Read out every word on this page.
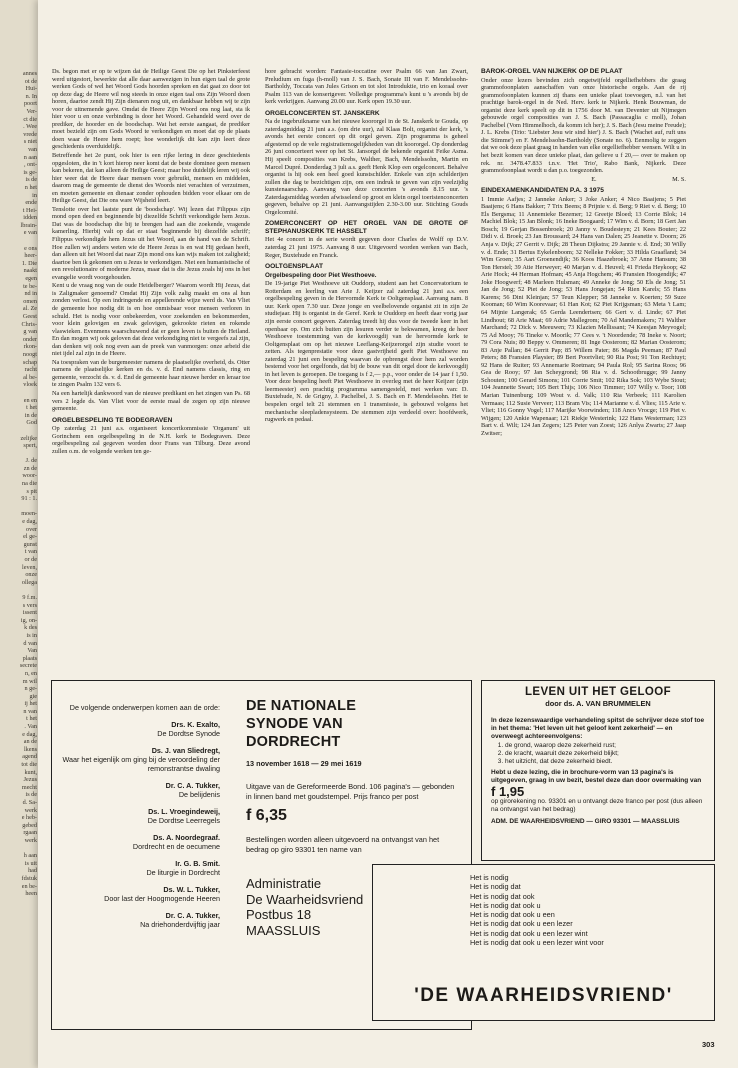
annes
ot de
Hui-
n. In
poort
Ver-
ct die
. Wee
vrede
s niet
van
n aan
, ont-
is ge-
is de
n het
in
ende
t Hei-
idden
lbrain-
e van

e ons
heer-
1. Die
naakt
egen
te be-
nd in
omen
al. Ze
Geest
Chris-
g van
onder
rkon-
noogt
schap
racht
al be-
vloek

en en
t het
in de
God

zelijke
spert,

J. de
zn de
woor-
na die
s pit
91 : 1.

moen-
e dag,
over
el ge-
gunst
t van
or de
leven,
onze
ollega

9 f.m.
s vers
issent
ig, on-
k des
is in
d van
Van
plaats
secrete
n, en
m wil
n ge-
gie
ij het
n van
t het
. Van
e dag,
an de
lkens
agend
tot die
kunt,
Jezus
mecht
is de
d. Sa-
werk
e heb-
gebed
rgaan
werk

h aan
is uit
had
fdstuk
en be-
heen

Ds. begon met er op te wijzen dat de Heilige Geest Die op het Pinksterfeest werd uitgestort, bewerkte dat alle daar aanwezigen in hun eigen taal de grote werken Gods of wel het Woord Gods hoorden spreken en dat gaat zo door tot op deze dag; de Heere wil nog steeds in onze eigen taal ons Zijn Woord doen horen, daartoe zendt Hij Zijn dienaren nog uit, en dankbaar hebben wij te zijn voor de uitnemende gave. Omdat de Heere Zijn Woord ons nog laat, sta ik hier voor u en onze verbinding is door het Woord. Gehandeld werd over de prediker, de hoorder en de boodschap. Wat het eerste aangaat, de prediker moet bezield zijn om Gods Woord te verkondigen en moet dat op de plaats doen waar de Heere hem roept; hoe wonderlijk dit kan zijn leert deze geschiedenis overduidelijk.

Betreffende het 2e punt, ook hier is een rijke lering in deze geschiedenis opgesloten, die in 't kort hierop neer komt dat de beste dominee geen mensen kan bekeren, dat kan alleen de Heilige Geest; maar hoe duidelijk leren wij ook hier weer dat de Heere daar mensen voor gebruikt, mensen en middelen, daarom mag de gemeente de dienst des Woords niet verachten of verzuimen, en moeten gemeente en dienaar zonder ophouden bidden voor elkaar om de Heilige Geest, dat Die ons ware Wijsheid leert.

Tenslotte over het laatste punt de 'boodschap'. Wij lezen dat Filippus zijn mond open deed en beginnende bij diezelfde Schrift verkondigde hem Jezus. Dat was de boodschap die bij te brengen had aan die zoekende, vragende kamerling. Hierbij valt op dat er staat 'beginnende bij diezelfde schrift'; Filippus verkondigde hem Jezus uit het Woord, aan de hand van de Schrift. Hoe zullen wij anders weten wie de Heere Jezus is en wat Hij gedaan heeft, dan alleen uit het Woord dat naar Zijn mond ons kan wijs maken tot zaligheid; daartoe ben ik gekomen om u Jezus te verkondigen. Niet een humanistische of een revolutionaire of moderne Jezus, maar dat is die Jezus zoals hij ons in het evangelie wordt voorgehouden.

Kent u de vraag nog van de oude Heidelberger? Waarom wordt Hij Jezus, dat is Zaligmaker genoemd? Omdat Hij Zijn volk zalig maakt en ons al hun zonden verlost. Op een indringende en appellerende wijze werd ds. Van Vliet de gemeente hoe nodig dit is en hoe onmisbaar voor mensen verloren in schuld. Het is nodig voor onbekeerden, voor zoekenden en bekommerden, voor klein gelovigen en zwak gelovigen, gekrookte rieten en rokende vlaswieken. Evenmens waarschuwend dat er geen leven is buiten de Heiland. En dan mogen wij ook geloven dat deze verkondiging niet te vergeefs zal zijn, dan denken wij ook nog even aan de preek van vanmorgen: onze arbeid die niet ijdel zal zijn in de Heere.

Na toespraken van de burgemeester namens de plaatselijke overheid, ds. Otter namens de plaatselijke kerken en ds. v. d. End namens classis, ring en gemeente, verzocht ds. v. d. End de gemeente haar nieuwe herder en leraar toe te zingen Psalm 132 vers 6.

Na een hartelijk dankwoord van de nieuwe predikant en het zingen van Ps. 68 vers 2 legde ds. Van Vliet voor de eerste maal de zegen op zijn nieuwe gemeente.

ORGELBESPELING TE BODEGRAVEN

Op zaterdag 21 juni a.s. organiseert koncertkommissie 'Organum' uit Gorinchem een orgelbespeling in de N.H. kerk te Bodegraven. Deze orgelbespeling zal gegeven worden door Frans van Tilburg. Deze avond zullen o.m. de volgende werken ten ge-

hore gebracht worden: Fantasie-toccatine over Psalm 66 van Jan Zwart, Preludium en fuga (h-moll) van J. S. Bach, Sonate III van F. Mendelssohn-Bartholdy, Toccata van Jules Grison en tot slot Introduktie, trio en koraal over Psalm 113 van de konsertgever. Volledige programma's kunt u 's avonds bij de kerk verkrijgen. Aanvang 20.00 uur. Kerk open 19.30 uur.

ORGELCONCERTEN ST. JANSKERK

Na de ingebruikname van het nieuwe koororgel in de St. Janskerk te Gouda, op zaterdagmiddag 21 juni a.s. (om drie uur), zal Klaas Bolt, organist der kerk, 's avonds het eerste concert op dit orgel geven. Zijn programma is geheel afgestemd op de vele registratiemogelijkheden van dit koororgel. Op donderdag 26 juni concerteert weer op het St. Jansorgel de bekende organist Feike Asma. Hij speelt composities van Krebs, Walther, Bach, Mendelssohn, Martin en Marcel Dupré. Donderdag 3 juli a.s. geeft Henk Klop een orgelconcert. Behalve organist is hij ook een heel goed kunstschilder. Enkele van zijn schilderijen zullen die dag te bezichtigen zijn, om een indruk te geven van zijn veelzijdig kunstenaarschap. Aanvang van deze concerten 's avonds 8.15 uur. 's Zaterdagsmiddag worden afwisselend op groot en klein orgel toeristenconcerten gegeven, behalve op 21 juni. Aanvangstijden 2.30-3.00 uur. Stichting Gouds Orgelcomité.

ZOMERCONCERT OP HET ORGEL VAN DE GROTE OF STEPHANUSKERK TE HASSELT

Het 4e concert in de serie wordt gegeven door Charles de Wolff op D.V. zaterdag 21 juni 1975. Aanvang 8 uur. Uitgevoerd worden werken van Bach, Reger, Buxtehude en Franck.

OOLTGENSPLAAT

Orgelbespeling door Piet Westhoeve.

De 19-jarige Piet Westhoeve uit Ouddorp, student aan het Concervatorium te Rotterdam en leerling van Arie J. Keijzer zal zaterdag 21 juni a.s. een orgelbespeling geven in de Hervormde Kerk te Ooltgensplaat. Aanvang nam. 8 uur. Kerk open 7.30 uur. Deze jonge en veelbelovende organist zit in zijn 2e studiejaar. Hij is organist in de Geref. Kerk te Ouddorp en heeft daar vorig jaar zijn eerste concert gegeven. Zaterdag treedt hij dus voor de tweede keer in het openbaar op. Om zich buiten zijn lesuren verder te bekwamen, kreeg de heer Westhoeve toestemming van de kerkvoogdij van de hervormde kerk te Ooltgensplaat om op het nieuwe Leeflang-Keijzerorgel zijn studie voort te zetten. Als tegenprestatie voor deze gastvrijheid geeft Piet Westhoeve nu zaterdag 21 juni een bespeling waarvan de opbrengst door hem zal worden bestemd voor het orgelfonds, dat bij de bouw van dit orgel door de kerkvoogdij in het leven is geroepen. De toegang is f 2,— p.p., voor onder de 14 jaar f 1,50. Voor deze bespeling heeft Piet Westhoeve in overleg met de heer Keijzer (zijn leermeester) een prachtig programma samengesteld, met werken van: D. Buxtehude, N. de Grigny, J. Pachelbel, J. S. Bach en F. Mendelssohn. Het te bespelen orgel telt 21 stemmen en 1 transmissie, is gebouwd volgens het mechanische sleepladensysteem. De stemmen zijn verdeeld over: hoofdwerk, rugwerk en pedaal.

BAROK-ORGEL VAN NIJKERK OP DE PLAAT

Onder onze lezers bevinden zich ongetwijfeld orgelliefhebbers die graag grammofoonplaten aanschaffen van onze historische orgels. Aan de rij grammofoonplaten kunnen zij thans een unieke plaat toevoegen, n.l. van het prachtige barok-orgel in de Ned. Herv. kerk te Nijkerk. Henk Bouwman, de organist deze kerk speelt op dit in 1756 door M. van Deventer uit Nijmegen gebouwde orgel composities van J. S. Bach (Passacaglia c moll), Johan Pachelbel (Vom Himmelhoch, da komm ich her); J. S. Bach (Jesu meine Freude); J. L. Krebs (Trio: 'Liebster Jesu wir sind hier') J. S. Bach ('Wachet auf, ruft uns die Stimme') en F. Mendelssohn-Bartholdy (Sonate no. 6). Eenmolig te zeggen dat we ook deze plaat graag in handen van elke orgelliefhebber wensen. Wilt u in het bezit komen van deze unieke plaat, dan gelieve u f 20,— over te maken op rek. nr. 3478.47.833 t.n.v. 'Het Trio', Rabo Bank, Nijkerk. Deze grammofoonplaat wordt u dan p.o. toegezonden.

E.                                                M. S.

EINDEXAMENKANDIDATEN P.A. 3 1975

1 Immie Aafjes; 2 Janneke Anker; 3 Joke Anker; 4 Nico Baaijens; 5 Piet Baaijens; 6 Hans Bakker; 7 Trix Beens; 8 Prijnie v. d. Berg; 9 Riet v. d. Berg; 10 Els Bergsma; 11 Annemieke Bezemer; 12 Greetje Bloed; 13 Corrie Blok; 14 Machiel Blok; 15 Jan Blonk; 16 Ineke Boogaard; 17 Wim v. d. Born; 18 Gert Jan Bosch; 19 Gerjan Bossenbroek; 20 Janny v. Boudesteyn; 21 Kees Bouter; 22 Didi v. d. Broek; 23 Jan Broussard; 24 Hans van Dalen; 25 Jeanette v. Doorn; 26 Anja v. Dijk; 27 Gerrit v. Dijk; 28 Theun Dijkstra; 29 Jannie v. d. End; 30 Willy v. d. Ende; 31 Bertus Eykelenboom; 32 Nelleke Fokker; 33 Hilda Graafland; 34 Wim Groen; 35 Aart Groenendijk; 36 Koos Haazebroek; 37 Anne Hansum; 38 Ton Herstel; 39 Atie Herweyer; 40 Marjan v. d. Heuvel; 41 Frieda Heykoop; 42 Arie Hock; 44 Herman Hofman; 45 Anja Hogchem; 46 Fransien Hoogendijk; 47 Joke Hoogwerf; 48 Marleen Hulsman; 49 Anneke de Jong; 50 Els de Jong; 51 Jan de Jong; 52 Piet de Jong; 53 Hans Jongejan; 54 Rien Karels; 55 Hans Karens; 56 Dini Kleinjan; 57 Teun Klepper; 58 Janneke v. Koerten; 59 Suze Kooman; 60 Wim Koorevaar; 61 Han Kot; 62 Piet Krijgsman; 63 Meta 't Lam; 64 Mijnie Langerak; 65 Gerda Leendertsen; 66 Gert v. d. Linde; 67 Piet Lindhout; 68 Arie Maat; 69 Adrie Mallegrom; 70 Ad Mandemakers; 71 Walther Marchand; 72 Dick v. Meeuwen; 73 Klazien Mellissant; 74 Keesjan Meyvogel; 75 Ad Mooy; 76 Tineke v. Moorik; 77 Cees v. 't Noordende; 78 Ineke v. Noort; 79 Cora Nuis; 80 Beppy v. Ommeren; 81 Inge Oosterom; 82 Marian Oosterom; 83 Anje Pallan; 84 Gerrit Pap; 85 Willem Pater; 86 Magda Peeman; 87 Paul Peters; 88 Fransien Playsier; 89 Bert Poortvliet; 90 Ria Post; 91 Ton Rechtuyt; 92 Hans de Ruiter; 93 Annemarie Roetman; 94 Paula Rol; 95 Sarina Roos; 96 Gea de Rooy; 97 Jan Scheygrond; 98 Ria v. d. Schootbrugge; 99 Janny Schouten; 100 Gerard Simons; 101 Corrie Smit; 102 Rika Sok; 103 Wybe Stout; 104 Jeannette Swart; 105 Bert Thijs; 106 Nico Timmer; 107 Willy v. Toor; 108 Marian Tuinenburg; 109 Wout v. d. Valk; 110 Ria Verbeek; 111 Karolien Vermaas; 112 Susie Verveer; 113 Bram Vis; 114 Marianne v. d. Vlies; 115 Arie v. Vliet; 116 Gonny Vogel; 117 Marijke Voorwinden; 118 Anco Vrocge; 119 Piet v. Wijgen; 120 Ankie Wapenaar; 121 Riekje Westerink; 122 Hans Westerman; 123 Bart v. d. Wilt; 124 Jan Zegers; 125 Peter van Zoest; 126 Anlya Zwarts; 27 Jaap Zwitser;

De volgende onderwerpen komen aan de orde:
Drs. K. Exalto,
De Dordtse Synode
Ds. J. van Sliedregt,
Waar het eigenlijk om ging bij de veroordeling der remonstrantse dwaling
Dr. C. A. Tukker,
De belijdenis
Ds. L. Vroegindeweij,
De Dordtse Leerregels
Ds. A. Noordegraaf.
Dordrecht en de oecumene
Ir. G. B. Smit.
De liturgie in Dordrecht
Ds. W. L. Tukker,
Door last der Hoogmogende Heeren
Dr. C. A. Tukker,
Na driehonderdvijftig jaar
DE NATIONALE
SYNODE VAN
DORDRECHT
13 november 1618 — 29 mei 1619
Uitgave van de Gereformeerde Bond. 106 pagina's — gebonden in linnen band met goudstempel. Prijs franco per post
f 6,35
Bestellingen worden alleen uitgevoerd na ontvangst van het bedrag op giro 93301 ten name van
Administratie
De Waarheidsvriend
Postbus 18
MAASSLUIS
LEVEN UIT HET GELOOF
door ds. A. VAN BRUMMELEN
In deze lezenswaardige verhandeling spitst de schrijver deze stof toe in het thema: 'Het leven uit het geloof kent zekerheid' — en overweegt achtereenvolgens:
1. de grond, waarop deze zekerheid rust;
2. de kracht, waaruit deze zekerheid blijkt;
3. het uitzicht, dat deze zekerheid biedt.
Hebt u deze lezing, die in brochure-vorm van 13 pagina's is uitgegeven, graag in uw bezit, bestel deze dan door overmaking van
f 1,95
op girorekening no. 93301 en u ontvangt deze franco per post (dus alleen na ontvangst van het bedrag)
ADM. DE WAARHEIDSVRIEND — GIRO 93301 — MAASSLUIS
Het is nodig
Het is nodig dat
Het is nodig dat ook
Het is nodig dat ook u
Het is nodig dat ook u een
Het is nodig dat ook u een lezer
Het is nodig dat ook u een lezer wint
Het is nodig dat ook u een lezer wint voor
'DE WAARHEIDSVRIEND'
303
